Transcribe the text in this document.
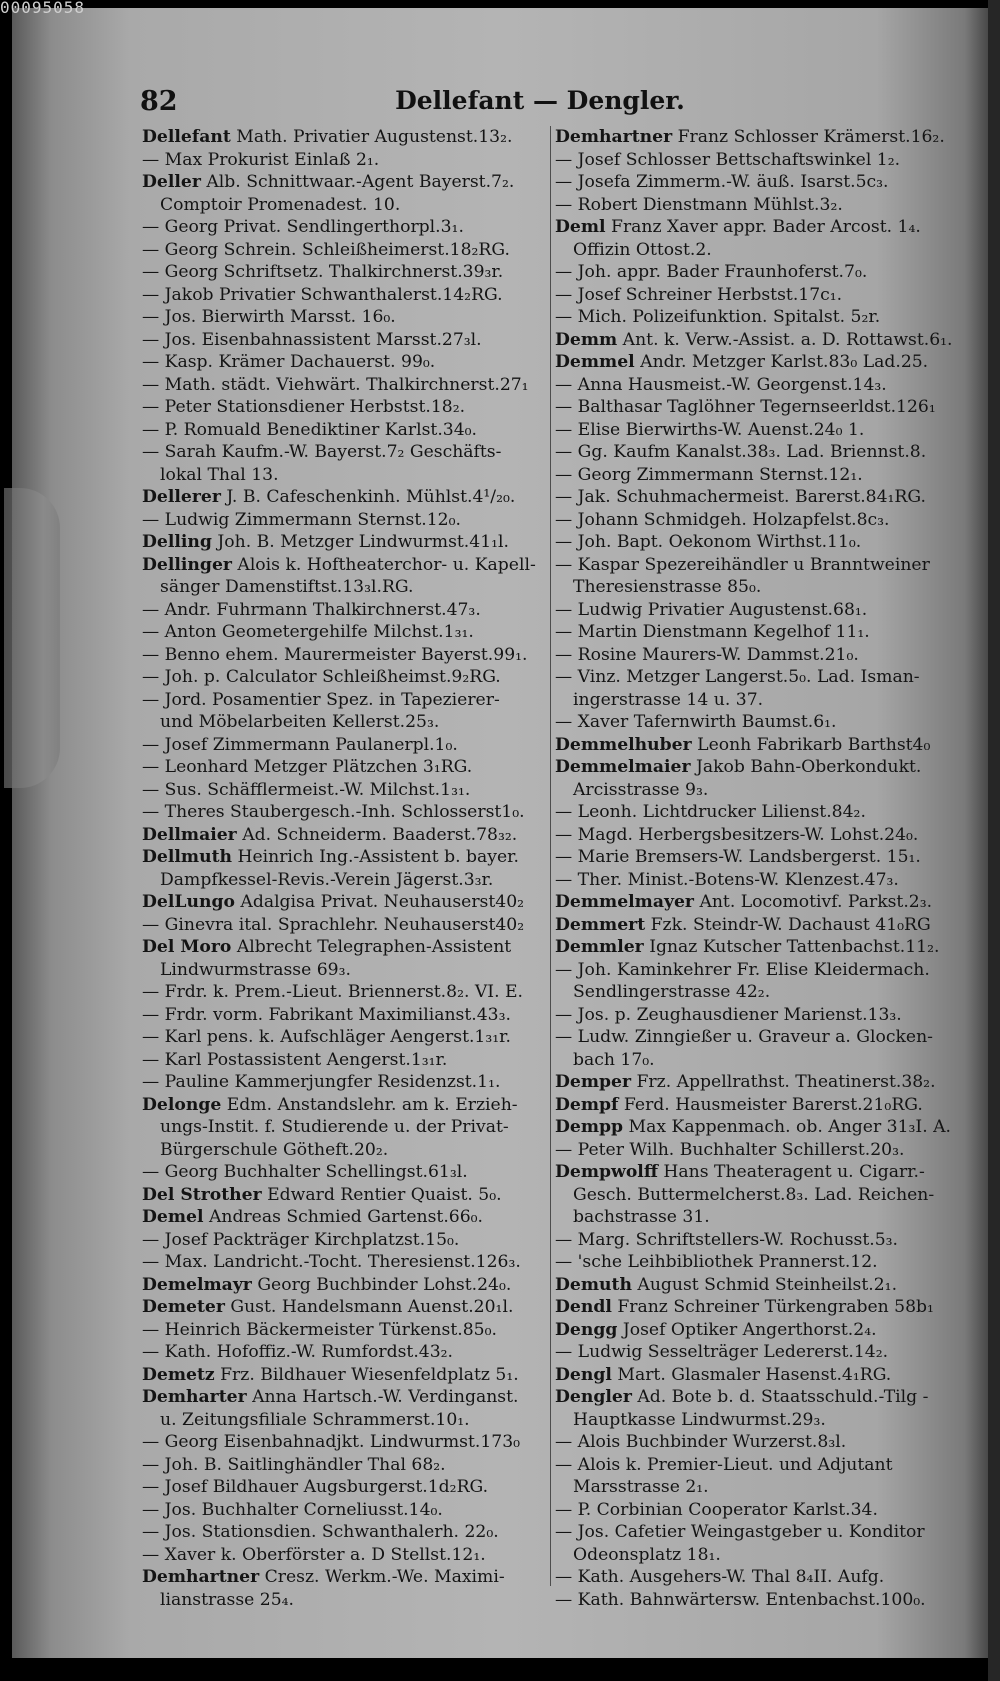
00095058
82	Dellefant — Dengler.
Dellefant Math. Privatier Augustenst.13₂.
— Max Prokurist Einlaß 2₁.
Deller Alb. Schnittwaar.-Agent Bayerst.7₂.
Comptoir Promenadest. 10.
— Georg Privat. Sendlingerthorpl.3₁.
— Georg Schrein. Schleißheimerst.18₂RG.
— Georg Schriftsetz. Thalkirchnerst.39₃r.
— Jakob Privatier Schwanthalerst.14₂RG.
— Jos. Bierwirth Marsst. 16₀.
— Jos. Eisenbahnassistent Marsst.27₃l.
— Kasp. Krämer Dachauerst. 99₀.
— Math. städt. Viehwärt. Thalkirchnerst.27₁
— Peter Stationsdiener Herbstst.18₂.
— P. Romuald Benediktiner Karlst.34₀.
— Sarah Kaufm.-W. Bayerst.7₂ Geschäfts-
lokal Thal 13.
Dellerer J. B. Cafeschenkinh. Mühlst.4¹/₂₀.
— Ludwig Zimmermann Sternst.12₀.
Delling Joh. B. Metzger Lindwurmst.41₁l.
Dellinger Alois k. Hoftheaterchor- u. Kapell-
sänger Damenstiftst.13₃l.RG.
— Andr. Fuhrmann Thalkirchnerst.47₃.
— Anton Geometergehilfe Milchst.1₃₁.
— Benno ehem. Maurermeister Bayerst.99₁.
— Joh. p. Calculator Schleißheimst.9₂RG.
— Jord. Posamentier Spez. in Tapezierer-
und Möbelarbeiten Kellerst.25₃.
— Josef Zimmermann Paulanerpl.1₀.
— Leonhard Metzger Plätzchen 3₁RG.
— Sus. Schäfflermeist.-W. Milchst.1₃₁.
— Theres Staubergesch.-Inh. Schlosserst1₀.
Dellmaier Ad. Schneiderm. Baaderst.78₃₂.
Dellmuth Heinrich Ing.-Assistent b. bayer.
Dampfkessel-Revis.-Verein Jägerst.3₃r.
DelLungo Adalgisa Privat. Neuhauserst40₂
— Ginevra ital. Sprachlehr. Neuhauserst40₂
Del Moro Albrecht Telegraphen-Assistent
Lindwurmstrasse 69₃.
— Frdr. k. Prem.-Lieut. Briennerst.8₂. VI. E.
— Frdr. vorm. Fabrikant Maximilianst.43₃.
— Karl pens. k. Aufschläger Aengerst.1₃₁r.
— Karl Postassistent Aengerst.1₃₁r.
— Pauline Kammerjungfer Residenzst.1₁.
Delonge Edm. Anstandslehr. am k. Erzieh-
ungs-Instit. f. Studierende u. der Privat-
Bürgerschule Götheft.20₂.
— Georg Buchhalter Schellingst.61₃l.
Del Strother Edward Rentier Quaist. 5₀.
Demel Andreas Schmied Gartenst.66₀.
— Josef Packträger Kirchplatzst.15₀.
— Max. Landricht.-Tocht. Theresienst.126₃.
Demelmayr Georg Buchbinder Lohst.24₀.
Demeter Gust. Handelsmann Auenst.20₁l.
— Heinrich Bäckermeister Türkenst.85₀.
— Kath. Hofoffiz.-W. Rumfordst.43₂.
Demetz Frz. Bildhauer Wiesenfeldplatz 5₁.
Demharter Anna Hartsch.-W. Verdinganst.
u. Zeitungsfiliale Schrammerst.10₁.
— Georg Eisenbahnadjkt. Lindwurmst.173₀
— Joh. B. Saitlinghändler Thal 68₂.
— Josef Bildhauer Augsburgerst.1d₂RG.
— Jos. Buchhalter Corneliusst.14₀.
— Jos. Stationsdien. Schwanthalerh. 22₀.
— Xaver k. Oberförster a. D Stellst.12₁.
Demhartner Cresz. Werkm.-We. Maximi-
lianstrasse 25₄.
Demhartner Franz Schlosser Krämerst.16₂.
— Josef Schlosser Bettschaftswinkel 1₂.
— Josefa Zimmerm.-W. äuß. Isarst.5c₃.
— Robert Dienstmann Mühlst.3₂.
Deml Franz Xaver appr. Bader Arcost. 1₄.
Offizin Ottost.2.
— Joh. appr. Bader Fraunhoferst.7₀.
— Josef Schreiner Herbstst.17c₁.
— Mich. Polizeifunktion. Spitalst. 5₂r.
Demm Ant. k. Verw.-Assist. a. D. Rottawst.6₁.
Demmel Andr. Metzger Karlst.83₀ Lad.25.
— Anna Hausmeist.-W. Georgenst.14₃.
— Balthasar Taglöhner Tegernseerldst.126₁
— Elise Bierwirths-W. Auenst.24₀ 1.
— Gg. Kaufm Kanalst.38₃. Lad. Briennst.8.
— Georg Zimmermann Sternst.12₁.
— Jak. Schuhmachermeist. Barerst.84₁RG.
— Johann Schmidgeh. Holzapfelst.8c₃.
— Joh. Bapt. Oekonom Wirthst.11₀.
— Kaspar Spezereihändler u Branntweiner
Theresienstrasse 85₀.
— Ludwig Privatier Augustenst.68₁.
— Martin Dienstmann Kegelhof 11₁.
— Rosine Maurers-W. Dammst.21₀.
— Vinz. Metzger Langerst.5₀. Lad. Isman-
ingerstrasse 14 u. 37.
— Xaver Tafernwirth Baumst.6₁.
Demmelhuber Leonh Fabrikarb Barthst4₀
Demmelmaier Jakob Bahn-Oberkondukt.
Arcisstrasse 9₃.
— Leonh. Lichtdrucker Lilienst.84₂.
— Magd. Herbergsbesitzers-W. Lohst.24₀.
— Marie Bremsers-W. Landsbergerst. 15₁.
— Ther. Minist.-Botens-W. Klenzest.47₃.
Demmelmayer Ant. Locomotivf. Parkst.2₃.
Demmert Fzk. Steindr-W. Dachaust 41₀RG
Demmler Ignaz Kutscher Tattenbachst.11₂.
— Joh. Kaminkehrer Fr. Elise Kleidermach.
Sendlingerstrasse 42₂.
— Jos. p. Zeughausdiener Marienst.13₃.
— Ludw. Zinngießer u. Graveur a. Glocken-
bach 17₀.
Demper Frz. Appellrathst. Theatinerst.38₂.
Dempf Ferd. Hausmeister Barerst.21₀RG.
Dempp Max Kappenmach. ob. Anger 31₃I. A.
— Peter Wilh. Buchhalter Schillerst.20₃.
Dempwolff Hans Theateragent u. Cigarr.-
Gesch. Buttermelcherst.8₃. Lad. Reichen-
bachstrasse 31.
— Marg. Schriftstellers-W. Rochusst.5₃.
— 'sche Leihbibliothek Prannerst.12.
Demuth August Schmid Steinheilst.2₁.
Dendl Franz Schreiner Türkengraben 58b₁
Dengg Josef Optiker Angerthorst.2₄.
— Ludwig Sesselträger Ledererst.14₂.
Dengl Mart. Glasmaler Hasenst.4₁RG.
Dengler Ad. Bote b. d. Staatsschuld.-Tilg -
Hauptkasse Lindwurmst.29₃.
— Alois Buchbinder Wurzerst.8₃l.
— Alois k. Premier-Lieut. und Adjutant
Marsstrasse 2₁.
— P. Corbinian Cooperator Karlst.34.
— Jos. Cafetier Weingastgeber u. Konditor
Odeonsplatz 18₁.
— Kath. Ausgehers-W. Thal 8₄II. Aufg.
— Kath. Bahnwärtersw. Entenbachst.100₀.
